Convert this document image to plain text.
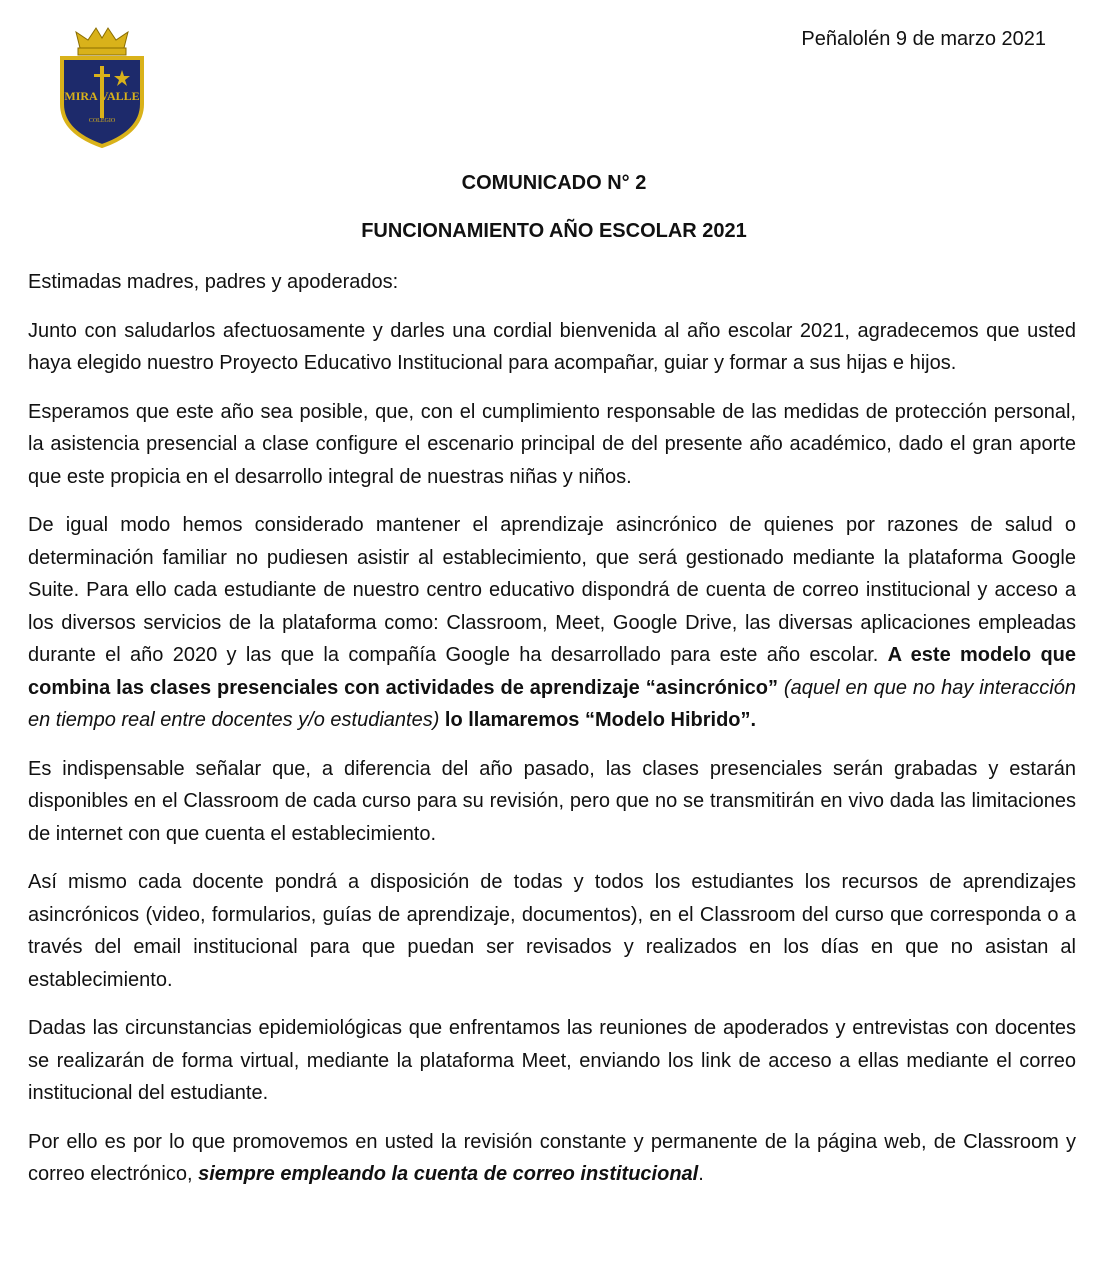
MIRA VALLE
COLEGIO
Peñalolén 9 de marzo 2021

COMUNICADO N° 2

FUNCIONAMIENTO AÑO ESCOLAR 2021

Estimadas madres, padres y apoderados:

Junto con saludarlos afectuosamente y darles una cordial bienvenida al año escolar 2021, agradecemos que usted haya elegido nuestro Proyecto Educativo Institucional para acompañar, guiar y formar a sus hijas e hijos.

Esperamos que este año sea posible, que, con el cumplimiento responsable de las medidas de protección personal, la asistencia presencial a clase configure el escenario principal de del presente año académico, dado el gran aporte que este propicia en el desarrollo integral de nuestras niñas y niños.

De igual modo hemos considerado mantener el aprendizaje asincrónico de quienes por razones de salud o determinación familiar no pudiesen asistir al establecimiento, que será gestionado mediante la plataforma Google Suite. Para ello cada estudiante de nuestro centro educativo dispondrá de cuenta de correo institucional y acceso a los diversos servicios de la plataforma como: Classroom, Meet, Google Drive, las diversas aplicaciones empleadas durante el año 2020 y las que la compañía Google ha desarrollado para este año escolar. A este modelo que combina las clases presenciales con actividades de aprendizaje “asincrónico” (aquel en que no hay interacción en tiempo real entre docentes y/o estudiantes) lo llamaremos “Modelo Hibrido”.

Es indispensable señalar que, a diferencia del año pasado, las clases presenciales serán grabadas y estarán disponibles en el Classroom de cada curso para su revisión, pero que no se transmitirán en vivo dada las limitaciones de internet con que cuenta el establecimiento.

Así mismo cada docente pondrá a disposición de todas y todos los estudiantes los recursos de aprendizajes asincrónicos (video, formularios, guías de aprendizaje, documentos), en el Classroom del curso que corresponda o a través del email institucional para que puedan ser revisados y realizados en los días en que no asistan al establecimiento.

Dadas las circunstancias epidemiológicas que enfrentamos las reuniones de apoderados y entrevistas con docentes se realizarán de forma virtual, mediante la plataforma Meet, enviando los link de acceso a ellas mediante el correo institucional del estudiante.

Por ello es por lo que promovemos en usted la revisión constante y permanente de la página web, de Classroom y correo electrónico, siempre empleando la cuenta de correo institucional.
